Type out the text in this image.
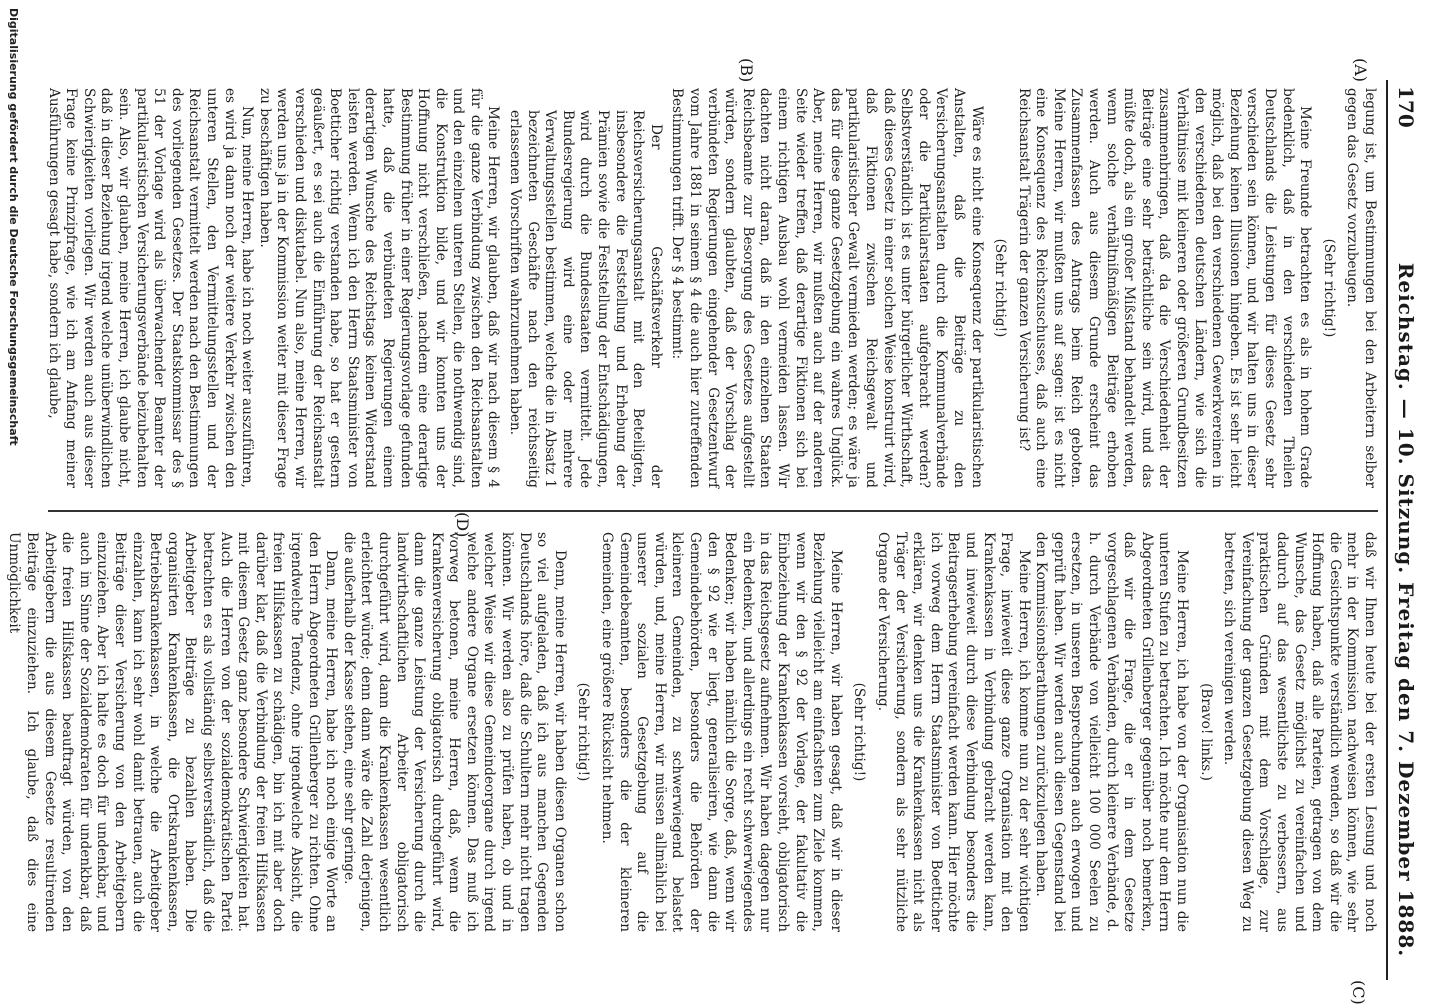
170
Reichstag. — 10. Sitzung. Freitag den 7. Dezember 1888.
(A)
(B)
(C)
(D)

legung ist, um Bestimmungen bei den Arbeitern selber gegen das Gesetz vorzubeugen.

(Sehr richtig!)

Meine Freunde betrachten es als in hohem Grade bedenklich, daß in den verschiedenen Theilen Deutschlands die Leistungen für dieses Gesetz sehr verschieden sein können, und wir halten uns in dieser Beziehung keinen Illusionen hingeben. Es ist sehr leicht möglich, daß bei den verschiedenen Gewerkvereinen in den verschiedenen deutschen Ländern, wie sich die Verhältnisse mit kleineren oder größeren Grundbesitzen zusammenbringen, daß da die Verschiedenheit der Beiträge eine sehr beträchtliche sein wird, und das müßte doch, als ein großer Mißstand behandelt werden, wenn solche verhältnißmäßigen Beiträge erhoben werden. Auch aus diesem Grunde erscheint das Zusammenfassen des Antrags beim Reich geboten. Meine Herren, wir mußten uns auf sagen: ist es nicht eine Konsequenz des Reichszuschusses, daß auch eine Reichsanstalt Trägerin der ganzen Versicherung ist?

(Sehr richtig!)

Wäre es nicht eine Konsequenz der partikularistischen Anstalten, daß die Beiträge zu den Versicherungsanstalten durch die Kommunalverbände oder die Partikularstaaten aufgebracht werden? Selbstverständlich ist es unter bürgerlicher Wirthschaft, daß dieses Gesetz in einer solchen Weise konstruirt wird, daß Fiktionen zwischen Reichsgewalt und partikularistischer Gewalt vermieden werden; es wäre ja das für diese ganze Gesetzgebung ein wahres Unglück. Aber, meine Herren, wir mußten auch auf der anderen Seite wieder treffen, daß derartige Fiktionen sich bei einem richtigen Ausbau wohl vermeiden lassen. Wir dachten nicht daran, daß in den einzelnen Staaten Reichsbeamte zur Besorgung des Gesetzes aufgestellt würden, sondern glaubten, daß der Vorschlag der verbündeten Regierungen eingehender Gesetzentwurf vom Jahre 1881 in seinem § 4 die auch hier zutreffenden Bestimmungen trifft. Der § 4 bestimmt:

Der Geschäftsverkehr der Reichsversicherungsanstalt mit den Beteiligten, insbesondere die Feststellung und Erhebung der Prämien sowie die Feststellung der Entschädigungen, wird durch die Bundesstaaten vermittelt. Jede Bundesregierung wird eine oder mehrere Verwaltungsstellen bestimmen, welche die in Absatz 1 bezeichneten Geschäfte nach den reichsseitig erlassenen Vorschriften wahrzunehmen haben.

Meine Herren, wir glauben, daß wir nach diesem § 4 für die ganze Verbindung zwischen den Reichsanstalten und den einzelnen unteren Stellen, die nothwendig sind, die Konstruktion bilde, und wir konnten uns der Hoffnung nicht verschließen, nachdem eine derartige Bestimmung früher in einer Regierungsvorlage gefunden hatte, daß die verbündeten Regierungen einem derartigen Wunsche des Reichstags keinen Widerstand leisten werden. Wenn ich den Herrn Staatsminister von Boetticher richtig verstanden habe, so hat er gestern geäußert, es sei auch die Einführung der Reichsanstalt verschieden und diskutabel. Nun also, meine Herren, wir werden uns ja in der Kommission weiter mit dieser Frage zu beschäftigen haben.

Nun, meine Herren, habe ich noch weiter auszuführen, es wird ja dann noch der weitere Verkehr zwischen den unteren Stellen, den Vermittelungsstellen und der Reichsanstalt vermittelt werden nach den Bestimmungen des vorliegenden Gesetzes. Der Staatskommissar des § 51 der Vorlage wird als überwachender Beamter der partikularistischen Versicherungsverbände beizubehalten sein. Also, wir glauben, meine Herren, ich glaube nicht, daß in dieser Beziehung irgend welche unüberwindlichen Schwierigkeiten vorliegen. Wir werden auch aus dieser Frage keine Prinzipfrage, wie ich am Anfang meiner Ausführungen gesagt habe, sondern ich glaube,

daß wir Ihnen heute bei der ersten Lesung und noch mehr in der Kommission nachweisen können, wie sehr die Gesichtspunkte verständlich wenden, so daß wir die Hoffnung haben, daß alle Parteien, getragen von dem Wunsche, das Gesetz möglichst zu vereinfachen und dadurch auf das wesentlichste zu verbessern, aus praktischen Gründen mit dem Vorschlage, zur Vereinfachung der ganzen Gesetzgebung diesen Weg zu betreten, sich vereinigen werden.

(Bravo! links.)

Meine Herren, ich habe von der Organisation nun die unteren Stufen zu betrachten. Ich möchte nur dem Herrn Abgeordneten Grillenberger gegenüber noch bemerken, daß wir die Frage, die er in dem Gesetze vorgeschlagenen Verbänden, durch kleinere Verbände, d. h. durch Verbände von vielleicht 100 000 Seelen zu ersetzen, in unseren Besprechungen auch erwogen und geprüft haben. Wir werden auch diesen Gegenstand bei den Kommissionsberathungen zurückzulegen haben.

Meine Herren, ich komme nun zu der sehr wichtigen Frage, inwieweit diese ganze Organisation mit den Krankenkassen in Verbindung gebracht werden kann, und inwieweit durch diese Verbindung besonders die Beitragserhebung vereinfacht werden kann. Hier möchte ich vorweg dem Herrn Staatsminister von Boetticher erklären, wir denken uns die Krankenkassen nicht als Träger der Versicherung, sondern als sehr nützliche Organe der Versicherung.

(Sehr richtig!)

Meine Herren, wir haben gesagt, daß wir in dieser Beziehung vielleicht am einfachsten zum Ziele kommen, wenn wir den § 92 der Vorlage, der fakultativ die Einbeziehung der Krankenkassen vorsieht, obligatorisch in das Reichsgesetz aufnehmen. Wir haben dagegen nur ein Bedenken, und allerdings ein recht schwerwiegendes Bedenken; wir haben nämlich die Sorge, daß, wenn wir den § 92 wie er liegt, generaliseiren, wie dann die Gemeindebehörden, besonders die Behörden der kleineren Gemeinden, zu schwerwiegend belastet würden, und, meine Herren, wir müssen allmählich bei unserer sozialen Gesetzgebung auf die Gemeindebeamten, besonders die der kleineren Gemeinden, eine größere Rücksicht nehmen.

(Sehr richtig!)

Denn, meine Herren, wir haben diesen Organen schon so viel aufgeladen, daß ich aus manchen Gegenden Deutschlands höre, daß die Schultern mehr nicht tragen können. Wir werden also zu prüfen haben, ob und in welcher Weise wir diese Gemeindeorgane durch irgend welche andere Organe ersetzen können. Das muß ich vorweg betonen, meine Herren, daß, wenn die Krankenversicherung obligatorisch durchgeführt wird, dann die ganze Leistung der Versicherung durch die landwirthschaftlichen Arbeiter obligatorisch durchgeführt wird, dann die Krankenkassen wesentlich erleichtert würde; denn dann wäre die Zahl derjenigen, die außerhalb der Kasse stehen, eine sehr geringe.

Dann, meine Herren, habe ich noch einige Worte an den Herrn Abgeordneten Grillenberger zu richten. Ohne irgendwelche Tendenz, ohne irgendwelche Absicht, die freien Hilfskassen zu schädigen, bin ich mit aber doch darüber klar, daß die Verbindung der freien Hilfskassen mit diesem Gesetz ganz besondere Schwierigkeiten hat. Auch die Herren von der sozialdemokratischen Partei betrachten es als vollständig selbstverständlich, daß die Arbeitgeber Beiträge zu bezahlen haben. Die organisirten Krankenkassen, die Ortskrankenkassen, Betriebskrankenkassen, in welche die Arbeitgeber einzahlen, kann ich sehr wohl damit betrauen, auch die Beiträge dieser Versicherung von den Arbeitgebern einzuziehen. Aber ich halte es doch für undenkbar, und auch im Sinne der Sozialdemokraten für undenkbar, daß die freien Hilfskassen beauftragt würden, von den Arbeitgebern die aus diesem Gesetze resultirenden Beiträge einzuziehen. Ich glaube, daß dies eine Unmöglichkeit

Digitalisierung gefördert durch die Deutsche Forschungsgemeinschaft
